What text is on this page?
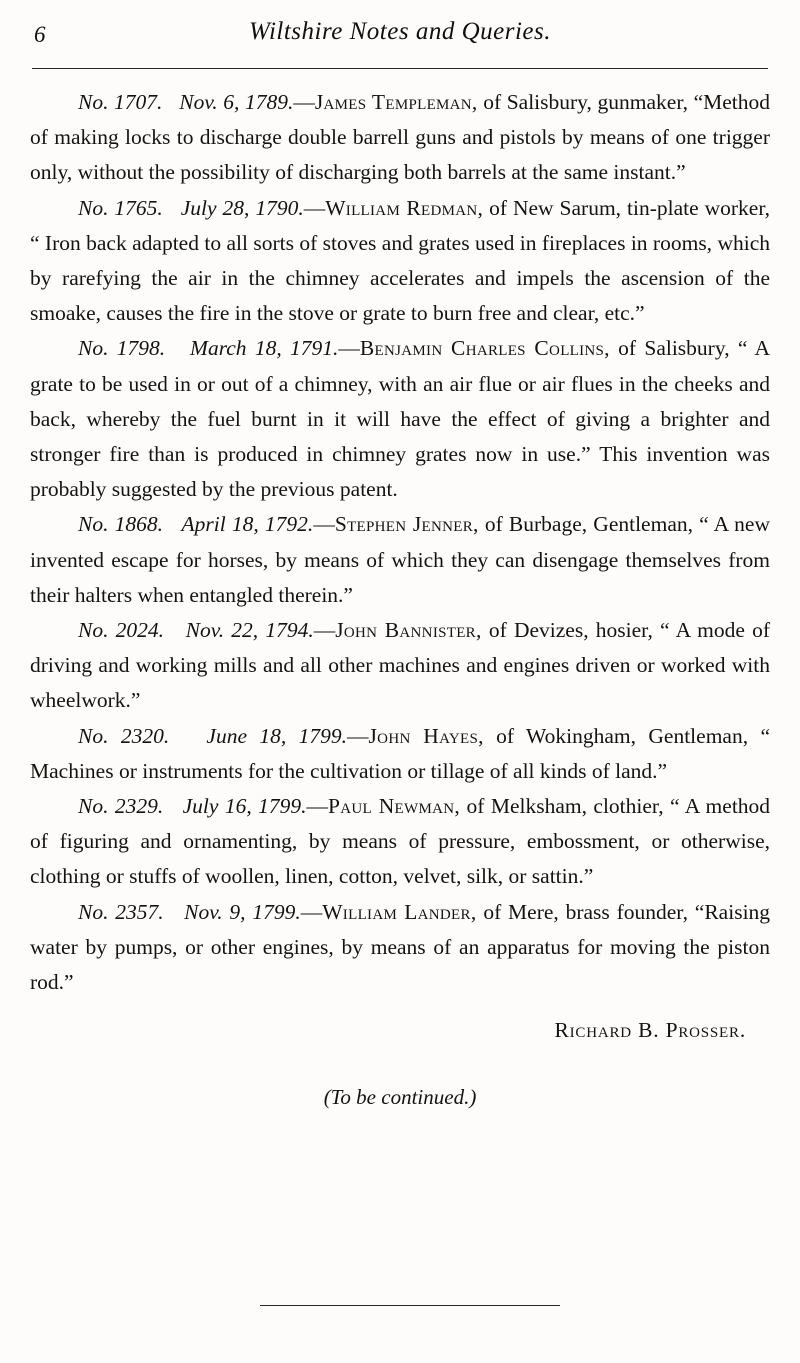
6	Wiltshire Notes and Queries.

No. 1707. Nov. 6, 1789.—James Templeman, of Salisbury, gunmaker, “Method of making locks to discharge double barrell guns and pistols by means of one trigger only, without the possibility of discharging both barrels at the same instant.”

No. 1765. July 28, 1790.—William Redman, of New Sarum, tin-plate worker, “ Iron back adapted to all sorts of stoves and grates used in fireplaces in rooms, which by rarefying the air in the chimney accelerates and impels the ascension of the smoake, causes the fire in the stove or grate to burn free and clear, etc.”

No. 1798. March 18, 1791.—Benjamin Charles Collins, of Salisbury, “ A grate to be used in or out of a chimney, with an air flue or air flues in the cheeks and back, whereby the fuel burnt in it will have the effect of giving a brighter and stronger fire than is produced in chimney grates now in use.” This invention was probably suggested by the previous patent.

No. 1868. April 18, 1792.—Stephen Jenner, of Burbage, Gentleman, “ A new invented escape for horses, by means of which they can disengage themselves from their halters when entangled therein.”

No. 2024. Nov. 22, 1794.—John Bannister, of Devizes, hosier, “ A mode of driving and working mills and all other machines and engines driven or worked with wheelwork.”

No. 2320. June 18, 1799.—John Hayes, of Wokingham, Gentleman, “ Machines or instruments for the cultivation or tillage of all kinds of land.”

No. 2329. July 16, 1799.—Paul Newman, of Melksham, clothier, “ A method of figuring and ornamenting, by means of pressure, embossment, or otherwise, clothing or stuffs of woollen, linen, cotton, velvet, silk, or sattin.”

No. 2357. Nov. 9, 1799.—William Lander, of Mere, brass founder, “Raising water by pumps, or other engines, by means of an apparatus for moving the piston rod.”

Richard B. Prosser.
(To be continued.)
